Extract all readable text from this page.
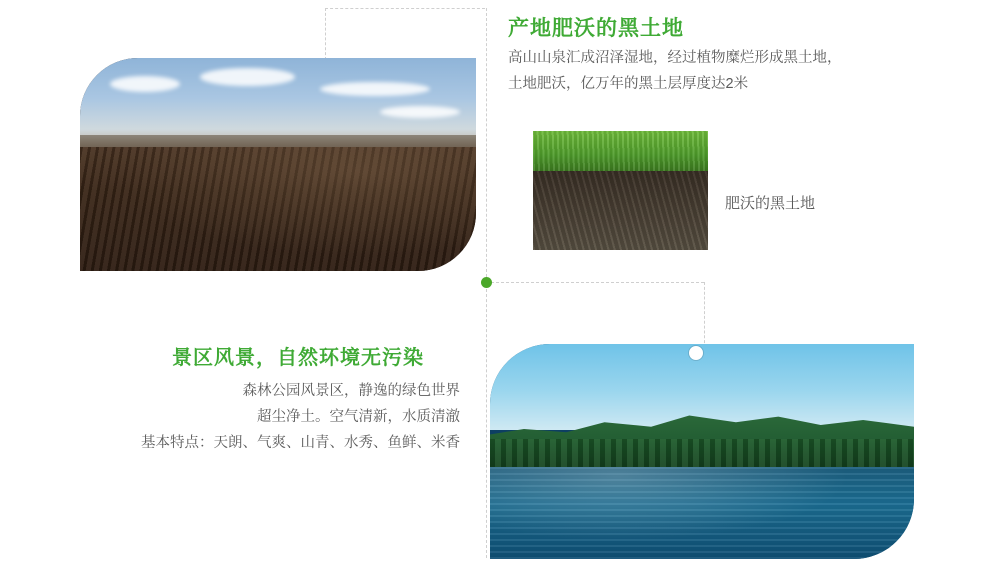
产地肥沃的黑土地
高山山泉汇成沼泽湿地，经过植物糜烂形成黑土地，
土地肥沃，亿万年的黑土层厚度达2米
肥沃的黑土地
景区风景，自然环境无污染
森林公园风景区，静逸的绿色世界
超尘净土。空气清新，水质清澈
基本特点：天朗、气爽、山青、水秀、鱼鲜、米香
